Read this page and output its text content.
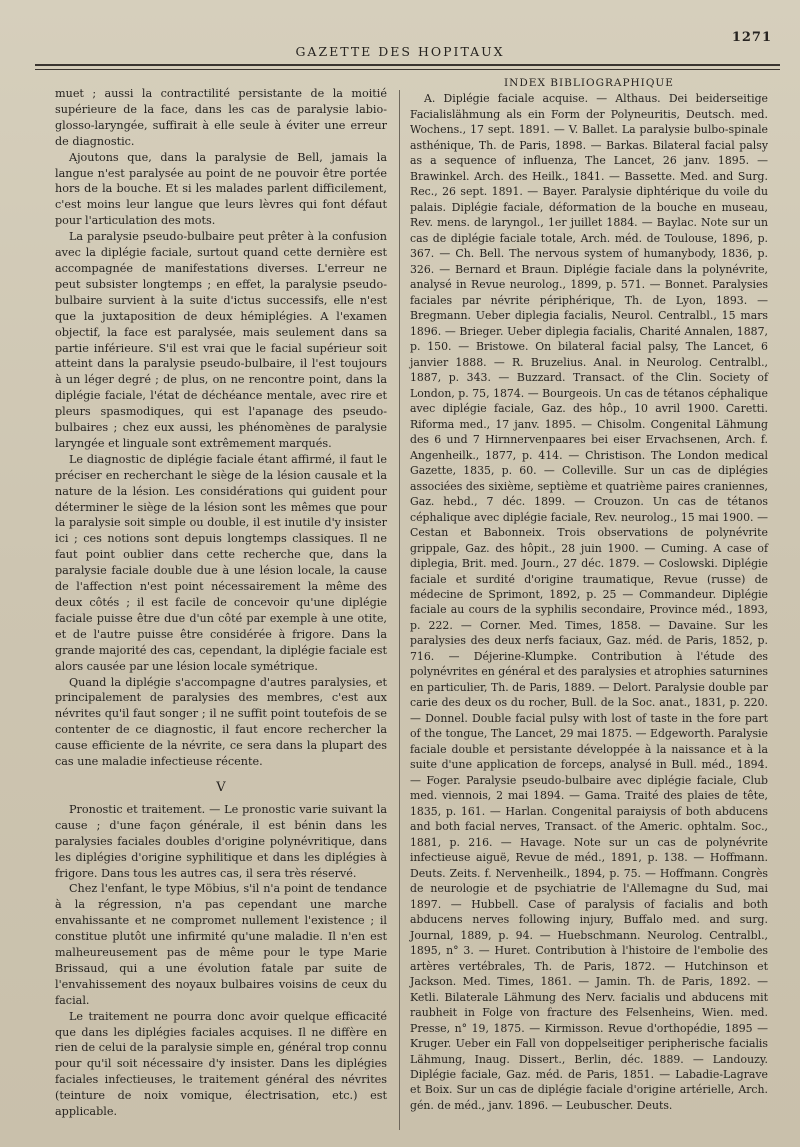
GAZETTE DES HOPITAUX
1271

muet ; aussi la contractilité persistante de la moitié supérieure de la face, dans les cas de paralysie labio-glosso-laryngée, suffirait à elle seule à éviter une erreur de diagnostic.

Ajoutons que, dans la paralysie de Bell, jamais la langue n'est paralysée au point de ne pouvoir être portée hors de la bouche. Et si les malades parlent difficilement, c'est moins leur langue que leurs lèvres qui font défaut pour l'articulation des mots.

La paralysie pseudo-bulbaire peut prêter à la confusion avec la diplégie faciale, surtout quand cette dernière est accompagnée de manifestations diverses. L'erreur ne peut subsister longtemps ; en effet, la paralysie pseudo-bulbaire survient à la suite d'ictus successifs, elle n'est que la juxtaposition de deux hémiplégies. A l'examen objectif, la face est paralysée, mais seulement dans sa partie inférieure. S'il est vrai que le facial supérieur soit atteint dans la paralysie pseudo-bulbaire, il l'est toujours à un léger degré ; de plus, on ne rencontre point, dans la diplégie faciale, l'état de déchéance mentale, avec rire et pleurs spasmodiques, qui est l'apanage des pseudo-bulbaires ; chez eux aussi, les phénomènes de paralysie laryngée et linguale sont extrêmement marqués.

Le diagnostic de diplégie faciale étant affirmé, il faut le préciser en recherchant le siège de la lésion causale et la nature de la lésion. Les considérations qui guident pour déterminer le siège de la lésion sont les mêmes que pour la paralysie soit simple ou double, il est inutile d'y insister ici ; ces notions sont depuis longtemps classiques. Il ne faut point oublier dans cette recherche que, dans la paralysie faciale double due à une lésion locale, la cause de l'affection n'est point nécessairement la même des deux côtés ; il est facile de concevoir qu'une diplégie faciale puisse être due d'un côté par exemple à une otite, et de l'autre puisse être considérée à frigore. Dans la grande majorité des cas, cependant, la diplégie faciale est alors causée par une lésion locale symétrique.

Quand la diplégie s'accompagne d'autres paralysies, et principalement de paralysies des membres, c'est aux névrites qu'il faut songer ; il ne suffit point toutefois de se contenter de ce diagnostic, il faut encore rechercher la cause efficiente de la névrite, ce sera dans la plupart des cas une maladie infectieuse récente.

V

Pronostic et traitement. — Le pronostic varie suivant la cause ; d'une façon générale, il est bénin dans les paralysies faciales doubles d'origine polynévritique, dans les diplégies d'origine syphilitique et dans les diplégies à frigore. Dans tous les autres cas, il sera très réservé.

Chez l'enfant, le type Möbius, s'il n'a point de tendance à la régression, n'a pas cependant une marche envahissante et ne compromet nullement l'existence ; il constitue plutôt une infirmité qu'une maladie. Il n'en est malheureusement pas de même pour le type Marie Brissaud, qui a une évolution fatale par suite de l'envahissement des noyaux bulbaires voisins de ceux du facial.

Le traitement ne pourra donc avoir quelque efficacité que dans les diplégies faciales acquises. Il ne diffère en rien de celui de la paralysie simple en, général trop connu pour qu'il soit nécessaire d'y insister. Dans les diplégies faciales infectieuses, le traitement général des névrites (teinture de noix vomique, électrisation, etc.) est applicable.

INDEX BIBLIOGRAPHIQUE

A. Diplégie faciale acquise. — Althaus. Dei beiderseitige Facialislähmung als ein Form der Polyneuritis, Deutsch. med. Wochens., 17 sept. 1891. — V. Ballet. La paralysie bulbo-spinale asthénique, Th. de Paris, 1898. — Barkas. Bilateral facial palsy as a sequence of influenza, The Lancet, 26 janv. 1895. — Brawinkel. Arch. des Heilk., 1841. — Bassette. Med. and Surg. Rec., 26 sept. 1891. — Bayer. Paralysie diphtérique du voile du palais. Diplégie faciale, déformation de la bouche en museau, Rev. mens. de laryngol., 1er juillet 1884. — Baylac. Note sur un cas de diplégie faciale totale, Arch. méd. de Toulouse, 1896, p. 367. — Ch. Bell. The nervous system of humanybody, 1836, p. 326. — Bernard et Braun. Diplégie faciale dans la polynévrite, analysé in Revue neurolog., 1899, p. 571. — Bonnet. Paralysies faciales par névrite périphérique, Th. de Lyon, 1893. — Bregmann. Ueber diplegia facialis, Neurol. Centralbl., 15 mars 1896. — Brieger. Ueber diplegia facialis, Charité Annalen, 1887, p. 150. — Bristowe. On bilateral facial palsy, The Lancet, 6 janvier 1888. — R. Bruzelius. Anal. in Neurolog. Centralbl., 1887, p. 343. — Buzzard. Transact. of the Clin. Society of London, p. 75, 1874. — Bourgeois. Un cas de tétanos céphalique avec diplégie faciale, Gaz. des hôp., 10 avril 1900. Caretti. Riforma med., 17 janv. 1895. — Chisolm. Congenital Lähmung des 6 und 7 Hirnnervenpaares bei eiser Ervachsenen, Arch. f. Angenheilk., 1877, p. 414. — Christison. The London medical Gazette, 1835, p. 60. — Colleville. Sur un cas de diplégies associées des sixième, septième et quatrième paires craniennes, Gaz. hebd., 7 déc. 1899. — Crouzon. Un cas de tétanos céphalique avec diplégie faciale, Rev. neurolog., 15 mai 1900. — Cestan et Babonneix. Trois observations de polynévrite grippale, Gaz. des hôpit., 28 juin 1900. — Cuming. A case of diplegia, Brit. med. Journ., 27 déc. 1879. — Coslowski. Diplégie faciale et surdité d'origine traumatique, Revue (russe) de médecine de Sprimont, 1892, p. 25 — Commandeur. Diplégie faciale au cours de la syphilis secondaire, Province méd., 1893, p. 222. — Corner. Med. Times, 1858. — Davaine. Sur les paralysies des deux nerfs faciaux, Gaz. méd. de Paris, 1852, p. 716. — Déjerine-Klumpke. Contribution à l'étude des polynévrites en général et des paralysies et atrophies saturnines en particulier, Th. de Paris, 1889. — Delort. Paralysie double par carie des deux os du rocher, Bull. de la Soc. anat., 1831, p. 220. — Donnel. Double facial pulsy with lost of taste in the fore part of the tongue, The Lancet, 29 mai 1875. — Edgeworth. Paralysie faciale double et persistante développée à la naissance et à la suite d'une application de forceps, analysé in Bull. méd., 1894. — Foger. Paralysie pseudo-bulbaire avec diplégie faciale, Club med. viennois, 2 mai 1894. — Gama. Traité des plaies de tête, 1835, p. 161. — Harlan. Congenital paraiysis of both abducens and both facial nerves, Transact. of the Americ. ophtalm. Soc., 1881, p. 216. — Havage. Note sur un cas de polynévrite infectieuse aiguë, Revue de méd., 1891, p. 138. — Hoffmann. Deuts. Zeits. f. Nervenheilk., 1894, p. 75. — Hoffmann. Congrès de neurologie et de psychiatrie de l'Allemagne du Sud, mai 1897. — Hubbell. Case of paralysis of facialis and both abducens nerves following injury, Buffalo med. and surg. Journal, 1889, p. 94. — Huebschmann. Neurolog. Centralbl., 1895, n° 3. — Huret. Contribution à l'histoire de l'embolie des artères vertébrales, Th. de Paris, 1872. — Hutchinson et Jackson. Med. Times, 1861. — Jamin. Th. de Paris, 1892. — Ketli. Bilaterale Lähmung des Nerv. facialis und abducens mit raubheit in Folge von fracture des Felsenheins, Wien. med. Presse, n° 19, 1875. — Kirmisson. Revue d'orthopédie, 1895 — Kruger. Ueber ein Fall von doppelseitiger peripherische facialis Lähmung, Inaug. Dissert., Berlin, déc. 1889. — Landouzy. Diplégie faciale, Gaz. méd. de Paris, 1851. — Labadie-Lagrave et Boix. Sur un cas de diplégie faciale d'origine artérielle, Arch. gén. de méd., janv. 1896. — Leubuscher. Deuts.
